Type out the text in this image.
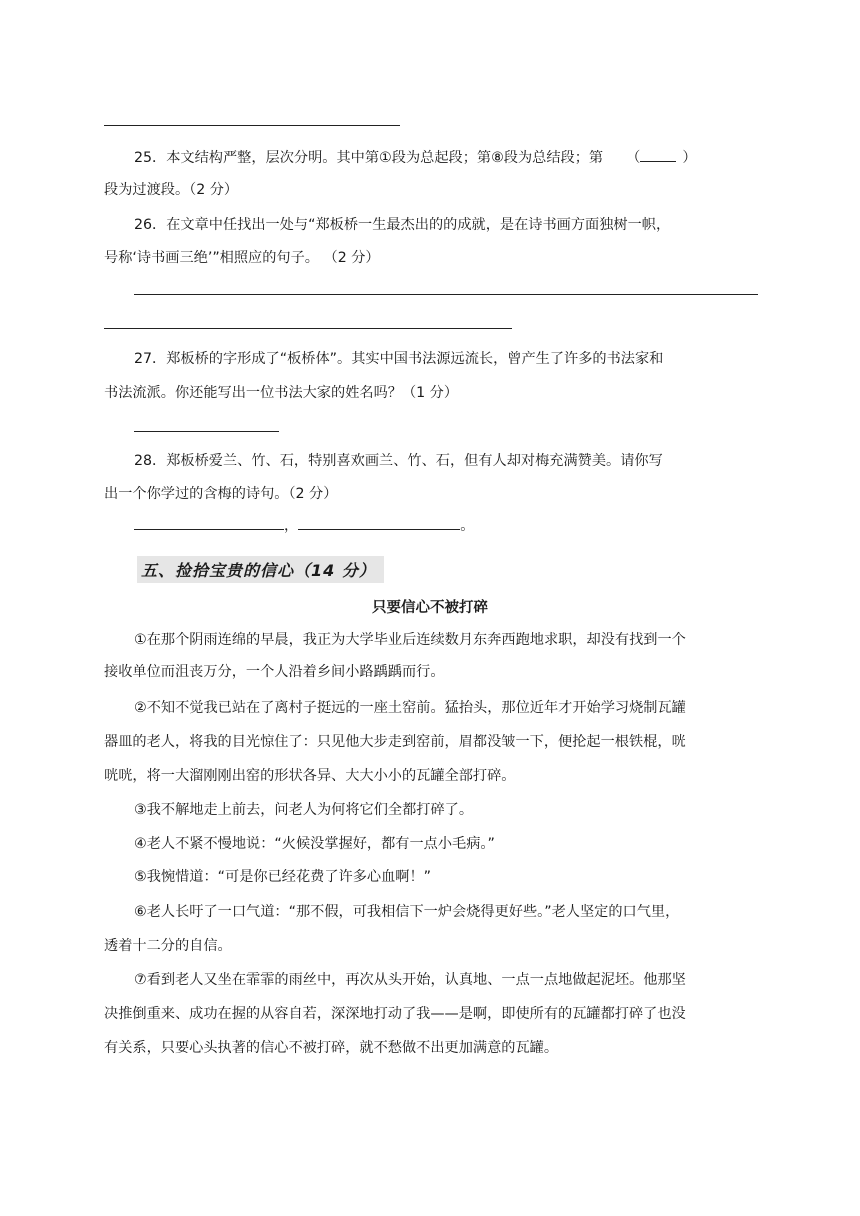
25．本文结构严整，层次分明。其中第①段为总起段；第⑧段为总结段；第 （	）
段为过渡段。（2 分）
26．在文章中任找出一处与“郑板桥一生最杰出的的成就，是在诗书画方面独树一帜，
号称‘诗书画三绝’”相照应的句子。 （2 分）
27．郑板桥的字形成了“板桥体”。其实中国书法源远流长，曾产生了许多的书法家和
书法流派。你还能写出一位书法大家的姓名吗？（1 分）
28．郑板桥爱兰、竹、石，特别喜欢画兰、竹、石，但有人却对梅充满赞美。请你写
出一个你学过的含梅的诗句。（2 分）
，	。
五、捡拾宝贵的信心（14 分）
只要信心不被打碎
①在那个阴雨连绵的早晨，我正为大学毕业后连续数月东奔西跑地求职，却没有找到一个
接收单位而沮丧万分，一个人沿着乡间小路踽踽而行。
②不知不觉我已站在了离村子挺远的一座土窑前。猛抬头，那位近年才开始学习烧制瓦罐
器皿的老人，将我的目光惊住了：只见他大步走到窑前，眉都没皱一下，便抡起一根铁棍，咣
咣咣，将一大溜刚刚出窑的形状各异、大大小小的瓦罐全部打碎。
③我不解地走上前去，问老人为何将它们全都打碎了。
④老人不紧不慢地说：“火候没掌握好，都有一点小毛病。”
⑤我惋惜道：“可是你已经花费了许多心血啊！”
⑥老人长吁了一口气道：“那不假，可我相信下一炉会烧得更好些。”老人坚定的口气里，
透着十二分的自信。
⑦看到老人又坐在霏霏的雨丝中，再次从头开始，认真地、一点一点地做起泥坯。他那坚
决推倒重来、成功在握的从容自若，深深地打动了我——是啊，即使所有的瓦罐都打碎了也没
有关系，只要心头执著的信心不被打碎，就不愁做不出更加满意的瓦罐。
